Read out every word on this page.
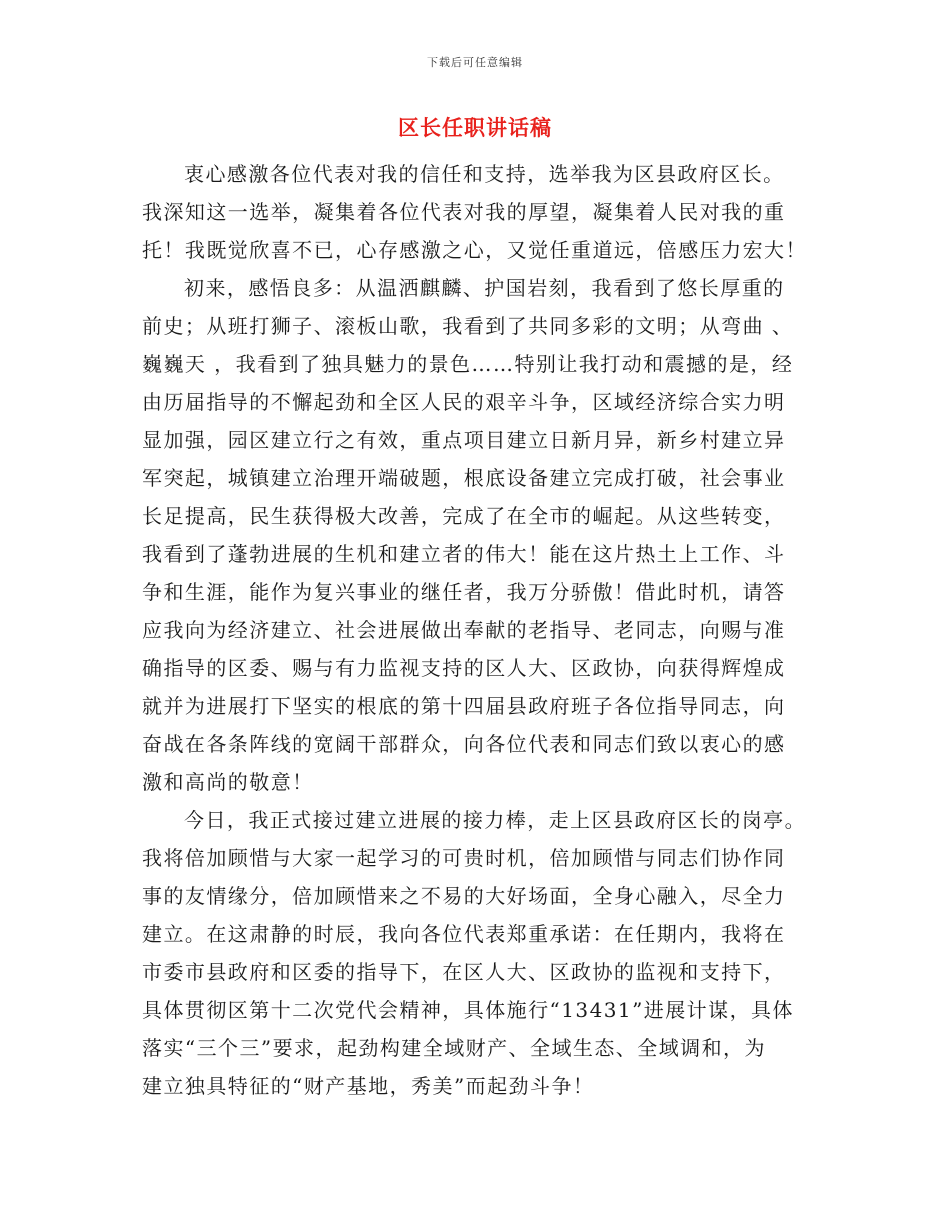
下载后可任意编辑
区长任职讲话稿
衷心感激各位代表对我的信任和支持，选举我为区县政府区长。
我深知这一选举，凝集着各位代表对我的厚望，凝集着人民对我的重
托！我既觉欣喜不已，心存感激之心，又觉任重道远，倍感压力宏大！
初来，感悟良多：从温洒麒麟、护国岩刻，我看到了悠长厚重的
前史；从班打狮子、滚板山歌，我看到了共同多彩的文明；从弯曲 、
巍巍天 ，我看到了独具魅力的景色……特别让我打动和震撼的是，经
由历届指导的不懈起劲和全区人民的艰辛斗争，区域经济综合实力明
显加强，园区建立行之有效，重点项目建立日新月异，新乡村建立异
军突起，城镇建立治理开端破题，根底设备建立完成打破，社会事业
长足提高，民生获得极大改善，完成了在全市的崛起。从这些转变，
我看到了蓬勃进展的生机和建立者的伟大！能在这片热土上工作、斗
争和生涯，能作为复兴事业的继任者，我万分骄傲！借此时机，请答
应我向为经济建立、社会进展做出奉献的老指导、老同志，向赐与准
确指导的区委、赐与有力监视支持的区人大、区政协，向获得辉煌成
就并为进展打下坚实的根底的第十四届县政府班子各位指导同志，向
奋战在各条阵线的宽阔干部群众，向各位代表和同志们致以衷心的感
激和高尚的敬意！
今日，我正式接过建立进展的接力棒，走上区县政府区长的岗亭。
我将倍加顾惜与大家一起学习的可贵时机，倍加顾惜与同志们协作同
事的友情缘分，倍加顾惜来之不易的大好场面，全身心融入，尽全力
建立。在这肃静的时辰，我向各位代表郑重承诺：在任期内，我将在
市委市县政府和区委的指导下，在区人大、区政协的监视和支持下，
具体贯彻区第十二次党代会精神，具体施行“13431”进展计谋，具体
落实“三个三”要求，起劲构建全域财产、全域生态、全域调和，为
建立独具特征的“财产基地，秀美”而起劲斗争！
